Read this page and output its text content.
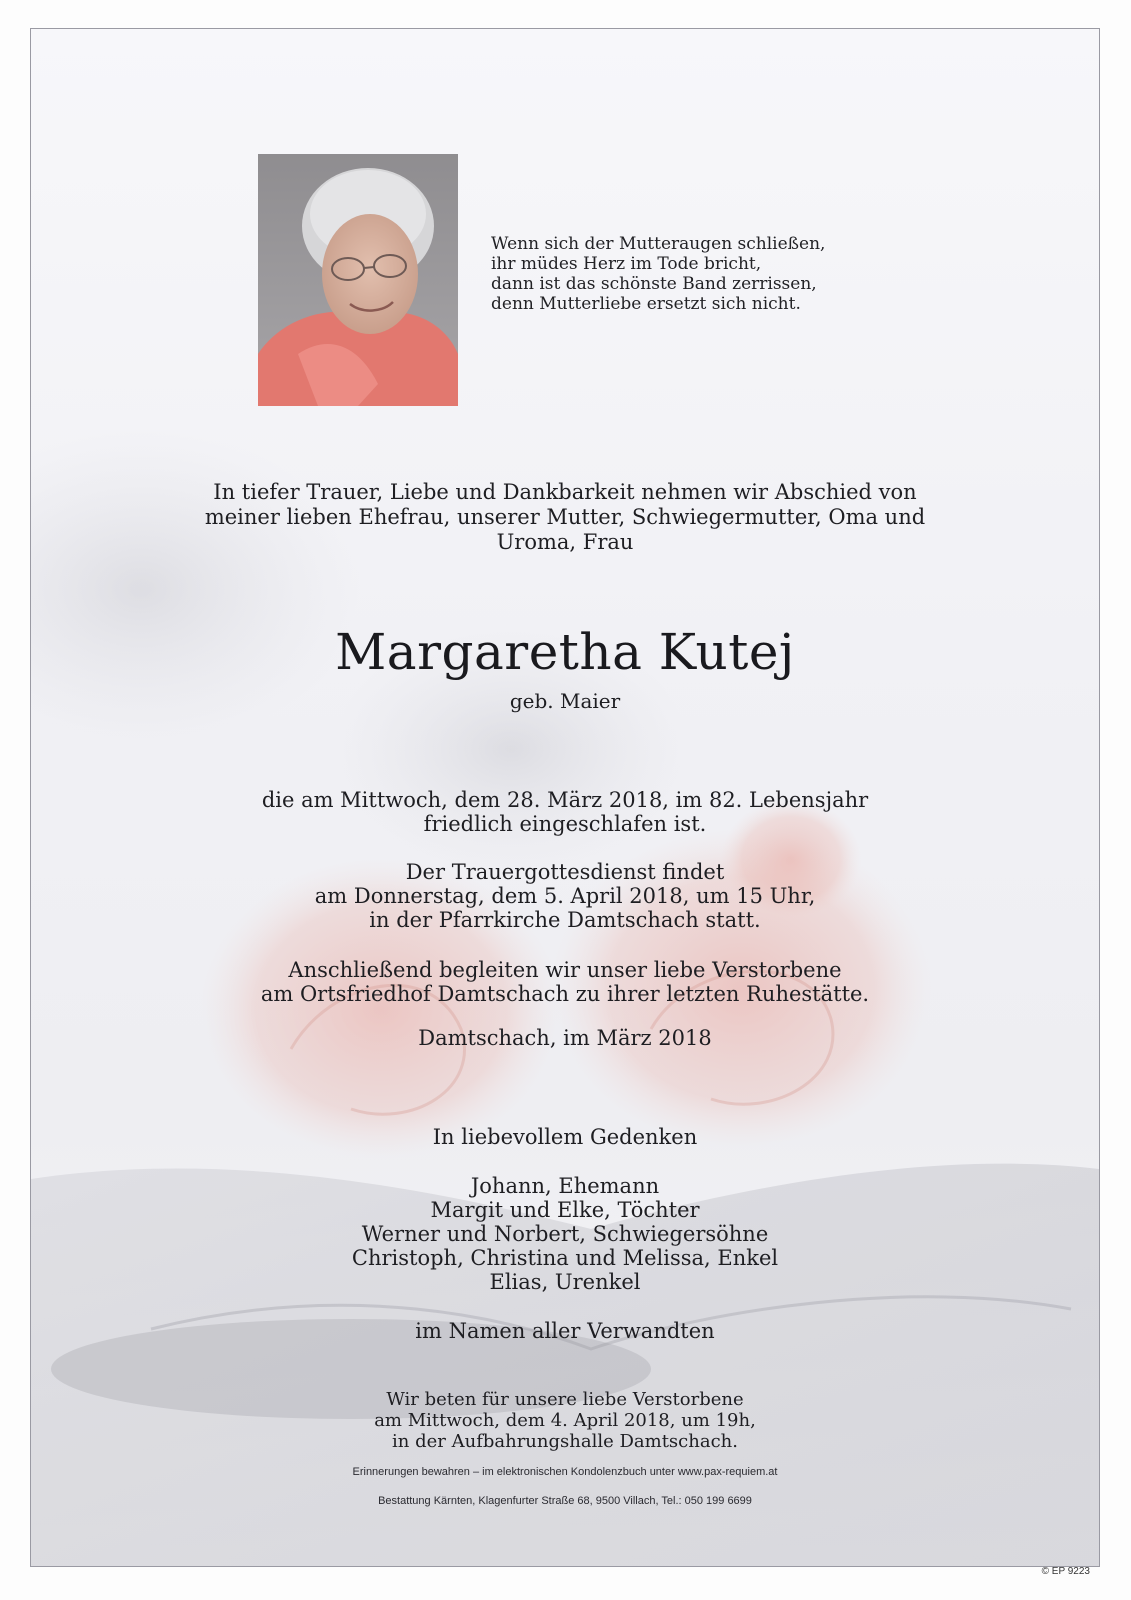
Wenn sich der Mutteraugen schließen,
ihr müdes Herz im Tode bricht,
dann ist das schönste Band zerrissen,
denn Mutterliebe ersetzt sich nicht.
In tiefer Trauer, Liebe und Dankbarkeit nehmen wir Abschied von
meiner lieben Ehefrau, unserer Mutter, Schwiegermutter, Oma und
Uroma, Frau
Margaretha Kutej
geb. Maier
die am Mittwoch, dem 28. März 2018, im 82. Lebensjahr
friedlich eingeschlafen ist.
Der Trauergottesdienst findet
am Donnerstag, dem 5. April 2018, um 15 Uhr,
in der Pfarrkirche Damtschach statt.
Anschließend begleiten wir unser liebe Verstorbene
am Ortsfriedhof Damtschach zu ihrer letzten Ruhestätte.
Damtschach, im März 2018
In liebevollem Gedenken
Johann, Ehemann
Margit und Elke, Töchter
Werner und Norbert, Schwiegersöhne
Christoph, Christina und Melissa, Enkel
Elias, Urenkel
im Namen aller Verwandten
Wir beten für unsere liebe Verstorbene
am Mittwoch, dem 4. April 2018, um 19h,
in der Aufbahrungshalle Damtschach.
Erinnerungen bewahren – im elektronischen Kondolenzbuch unter www.pax-requiem.at
Bestattung Kärnten, Klagenfurter Straße 68, 9500 Villach, Tel.: 050 199 6699
© EP 9223
